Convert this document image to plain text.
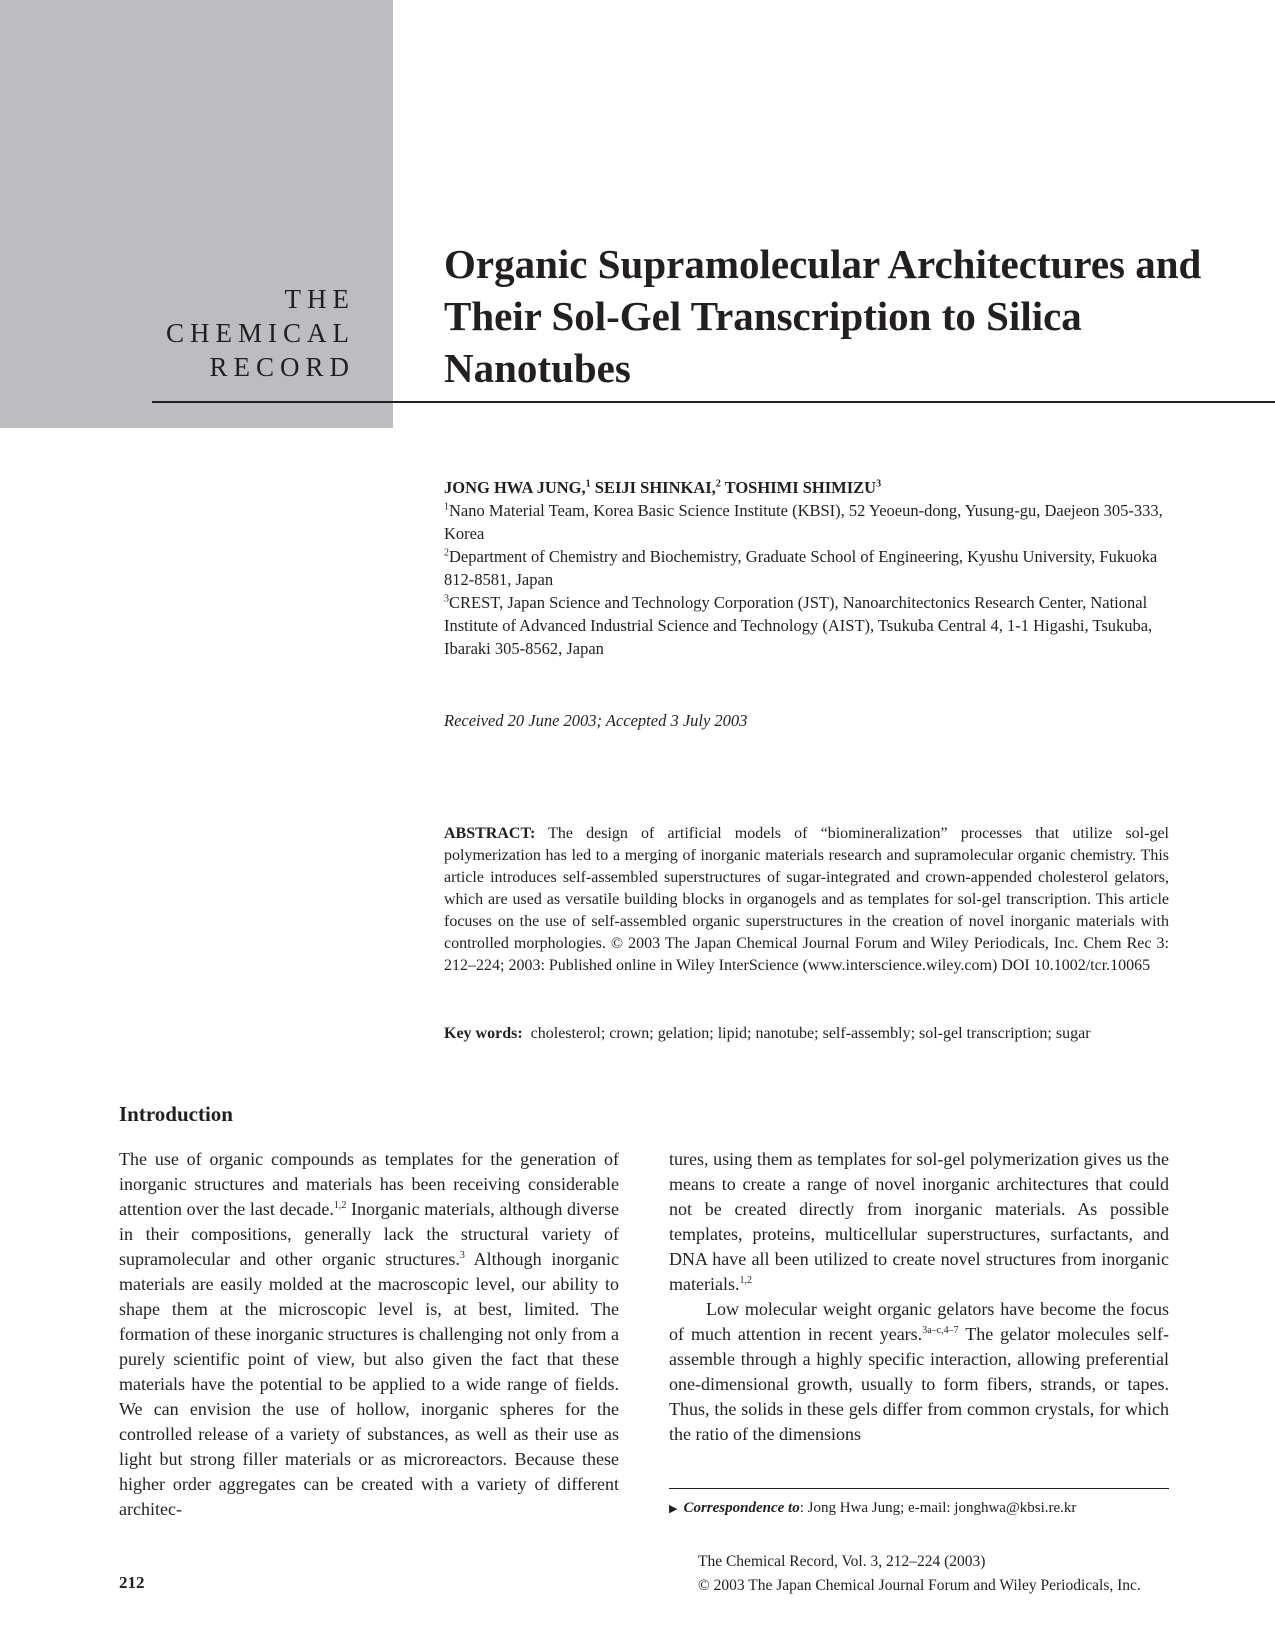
THE
CHEMICAL
RECORD
Organic Supramolecular Architectures and Their Sol-Gel Transcription to Silica Nanotubes
JONG HWA JUNG,$^1$ SEIJI SHINKAI,$^2$ TOSHIMI SHIMIZU$^3$
$^1$Nano Material Team, Korea Basic Science Institute (KBSI), 52 Yeoeun-dong, Yusung-gu, Daejeon 305-333, Korea
$^2$Department of Chemistry and Biochemistry, Graduate School of Engineering, Kyushu University, Fukuoka 812-8581, Japan
$^3$CREST, Japan Science and Technology Corporation (JST), Nanoarchitectonics Research Center, National Institute of Advanced Industrial Science and Technology (AIST), Tsukuba Central 4, 1-1 Higashi, Tsukuba, Ibaraki 305-8562, Japan
Received 20 June 2003; Accepted 3 July 2003
ABSTRACT: The design of artificial models of “biomineralization” processes that utilize sol-gel polymerization has led to a merging of inorganic materials research and supramolecular organic chemistry. This article introduces self-assembled superstructures of sugar-integrated and crown-appended cholesterol gelators, which are used as versatile building blocks in organogels and as templates for sol-gel transcription. This article focuses on the use of self-assembled organic superstructures in the creation of novel inorganic materials with controlled morphologies. © 2003 The Japan Chemical Journal Forum and Wiley Periodicals, Inc. Chem Rec 3: 212–224; 2003: Published online in Wiley InterScience (www.interscience.wiley.com) DOI 10.1002/tcr.10065
Key words: cholesterol; crown; gelation; lipid; nanotube; self-assembly; sol-gel transcription; sugar
Introduction

The use of organic compounds as templates for the generation of inorganic structures and materials has been receiving considerable attention over the last decade.$^{1,2}$ Inorganic materials, although diverse in their compositions, generally lack the structural variety of supramolecular and other organic structures.$^3$ Although inorganic materials are easily molded at the macroscopic level, our ability to shape them at the microscopic level is, at best, limited. The formation of these inorganic structures is challenging not only from a purely scientific point of view, but also given the fact that these materials have the potential to be applied to a wide range of fields. We can envision the use of hollow, inorganic spheres for the controlled release of a variety of substances, as well as their use as light but strong filler materials or as microreactors. Because these higher order aggregates can be created with a variety of different architec-

tures, using them as templates for sol-gel polymerization gives us the means to create a range of novel inorganic architectures that could not be created directly from inorganic materials. As possible templates, proteins, multicellular superstructures, surfactants, and DNA have all been utilized to create novel structures from inorganic materials.$^{1,2}$

Low molecular weight organic gelators have become the focus of much attention in recent years.$^{3a-c,4-7}$ The gelator molecules self-assemble through a highly specific interaction, allowing preferential one-dimensional growth, usually to form fibers, strands, or tapes. Thus, the solids in these gels differ from common crystals, for which the ratio of the dimensions

▶ Correspondence to: Jong Hwa Jung; e-mail: jonghwa@kbsi.re.kr
The Chemical Record, Vol. 3, 212–224 (2003)
© 2003 The Japan Chemical Journal Forum and Wiley Periodicals, Inc.
212
